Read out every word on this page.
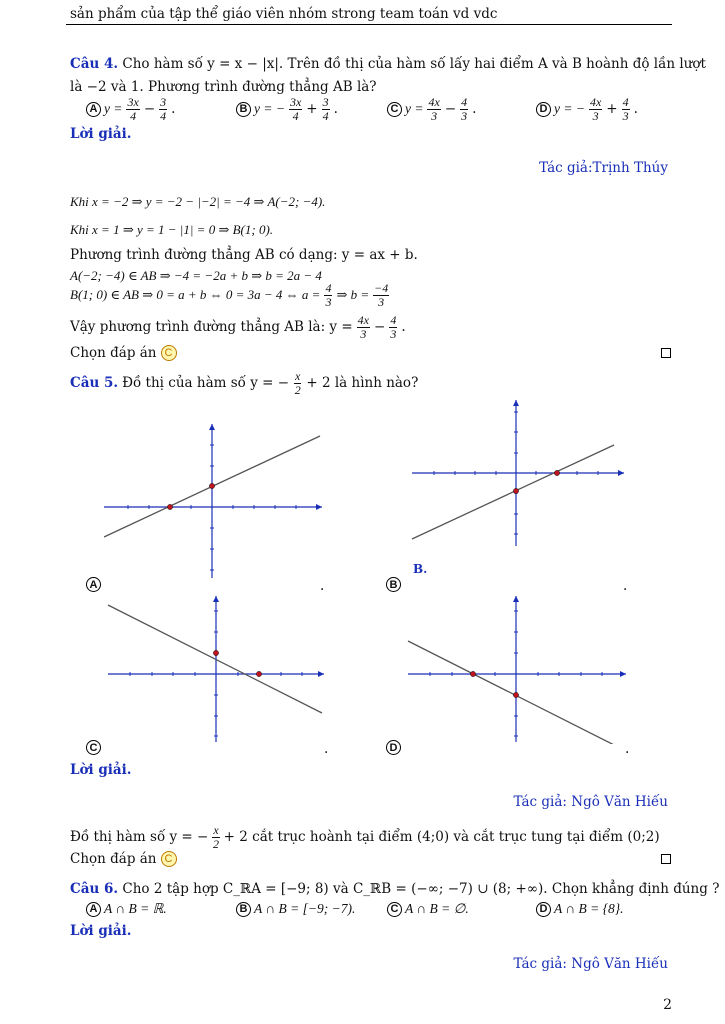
sản phẩm của tập thể giáo viên nhóm strong team toán vd vdc
Câu 4. Cho hàm số y = x − |x|. Trên đồ thị của hàm số lấy hai điểm A và B hoành độ lần lượt
là −2 và 1. Phương trình đường thẳng AB là?
A $y = \frac{3x}{4} - \frac{3}{4}$ .	B y = − $\frac{3x}{4} + \frac{3}{4}$ .	C $y = \frac{4x}{3} - \frac{4}{3}$ .	D y = − $\frac{4x}{3} + \frac{4}{3}$ .
Lời giải.
Tác giả:Trịnh Thúy
Khi x = −2 ⇒ y = −2 − |−2| = −4 ⇒ A(−2; −4).
Khi x = 1 ⇒ y = 1 − |1| = 0 ⇒ B(1; 0).
Phương trình đường thẳng AB có dạng: y = ax + b.
A(−2; −4) ∈ AB ⇒ −4 = −2a + b ⇒ b = 2a − 4
B(1; 0) ∈ AB ⇒ 0 = a + b ⇔ 0 = 3a − 4 ⇔ $a = \frac{4}{3}$ ⇒ $b = \frac{-4}{3}$
Vậy phương trình đường thẳng AB là: $y = \frac{4x}{3} - \frac{4}{3}$ .
Chọn đáp án C
Câu 5. Đồ thị của hàm số y = − $\frac{x}{2} + 2$ là hình nào?
B.
A	.	B	.
C	.	D	.
Lời giải.
Tác giả: Ngô Văn Hiếu
Đồ thị hàm số y = − $\frac{x}{2} + 2$ cắt trục hoành tại điểm (4;0) và cắt trục tung tại điểm (0;2)
Chọn đáp án C
Câu 6. Cho 2 tập hợp C_ℝA = [−9; 8) và C_ℝB = (−∞; −7) ∪ (8; +∞). Chọn khẳng định đúng ?
A A ∩ B = ℝ.	B A ∩ B = [−9; −7).	C A ∩ B = ∅.	D A ∩ B = {8}.
Lời giải.
Tác giả: Ngô Văn Hiếu
2
